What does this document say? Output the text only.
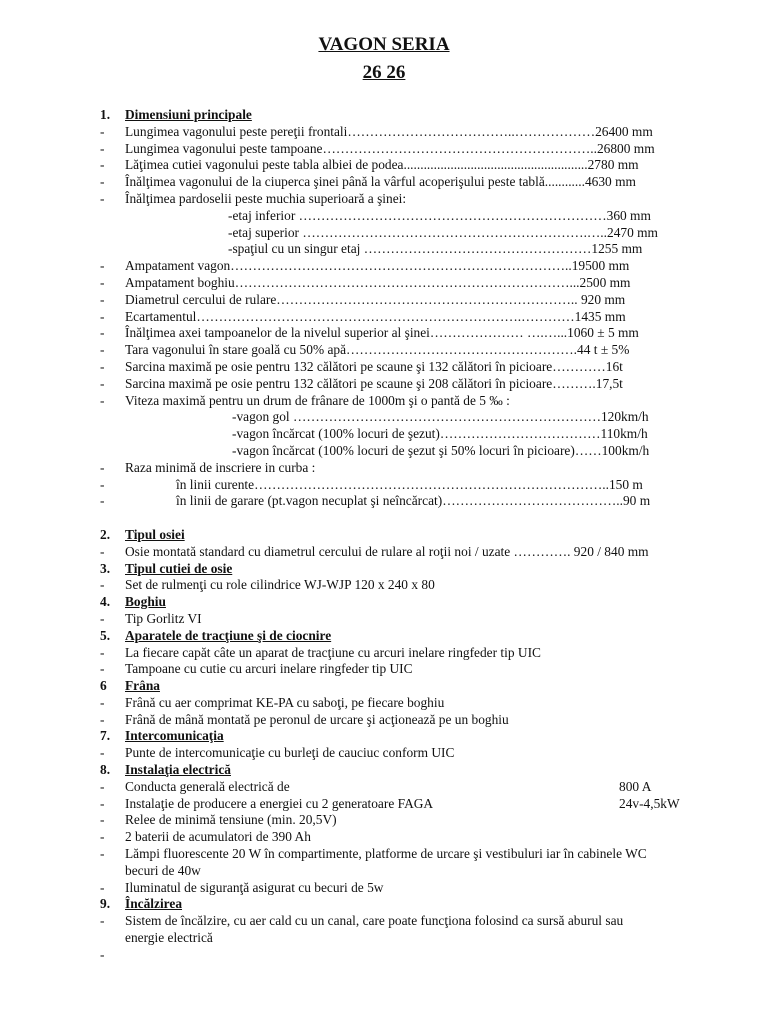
VAGON SERIA
26 26
1. Dimensiuni principale
- Lungimea vagonului peste pereţii frontali………………………………..………………26400 mm
- Lungimea vagonului peste tampoane……………………………………………………..26800 mm
- Lăţimea cutiei vagonului peste tabla albiei de podea.......................................................2780 mm
- Înălţimea vagonului de la ciuperca şinei până la vârful acoperişului peste tablă............4630 mm
- Înălţimea pardoselii peste muchia superioară a şinei:
-etaj inferior ……………………………………………………………360 mm
-etaj superior ……………………………………………………….…..2470 mm
-spaţiul cu un singur etaj ……………………………………………1255 mm
- Ampatament vagon…………………………………………………………………..19500 mm
- Ampatament boghiu…………………………………………………………………...2500 mm
- Diametrul cercului de rulare………………………………………………………….. 920 mm
- Ecartamentul……………………………………………………………….…………1435 mm
- Înălţimea axei tampoanelor de la nivelul superior al şinei………………… ….…...1060 ± 5 mm
- Tara vagonului în stare goală cu 50% apă…………………………………………….44 t ± 5%
- Sarcina maximă pe osie pentru 132 călători pe scaune şi 132 călători în picioare…………16t
- Sarcina maximă pe osie pentru 132 călători pe scaune şi 208 călători în picioare……….17,5t
- Viteza maximă pentru un drum de frânare de 1000m şi o pantă de 5 ‰ :
-vagon gol ……………………………………………………………120km/h
-vagon încărcat (100% locuri de şezut)………………………………110km/h
-vagon încărcat (100% locuri de şezut şi 50% locuri în picioare)……100km/h
- Raza minimă de inscriere in curba :
-	în linii curente……………………………………………………………………..150 m
-	în linii de garare (pt.vagon necuplat şi neîncărcat)…………………………………..90 m
2. Tipul osiei
- Osie montată standard cu diametrul cercului de rulare al roţii noi / uzate …………. 920 / 840 mm
3. Tipul cutiei de osie
- Set de rulmenţi cu role cilindrice WJ-WJP 120 x 240 x 80
4. Boghiu
- Tip Gorlitz VI
5. Aparatele de tracţiune şi de ciocnire
- La fiecare capăt câte un aparat de tracţiune cu arcuri inelare ringfeder tip UIC
- Tampoane cu cutie cu arcuri inelare ringfeder tip UIC
6 Frâna
- Frână cu aer comprimat KE-PA cu saboţi, pe fiecare boghiu
- Frână de mână montată pe peronul de urcare şi acţionează pe un boghiu
7. Intercomunicaţia
- Punte de intercomunicaţie cu burleţi de cauciuc conform UIC
8. Instalaţia electrică
- Conducta generală electrică de	800 A
- Instalaţie de producere a energiei cu 2 generatoare FAGA	24v-4,5kW
- Relee de minimă tensiune (min. 20,5V)
- 2 baterii de acumulatori de 390 Ah
- Lămpi fluorescente 20 W în compartimente, platforme de urcare şi vestibuluri iar în cabinele WC
becuri de 40w
- Iluminatul de siguranţă asigurat cu becuri de 5w
9. Încălzirea
- Sistem de încălzire, cu aer cald cu un canal, care poate funcţiona folosind ca sursă aburul sau
energie electrică
-
